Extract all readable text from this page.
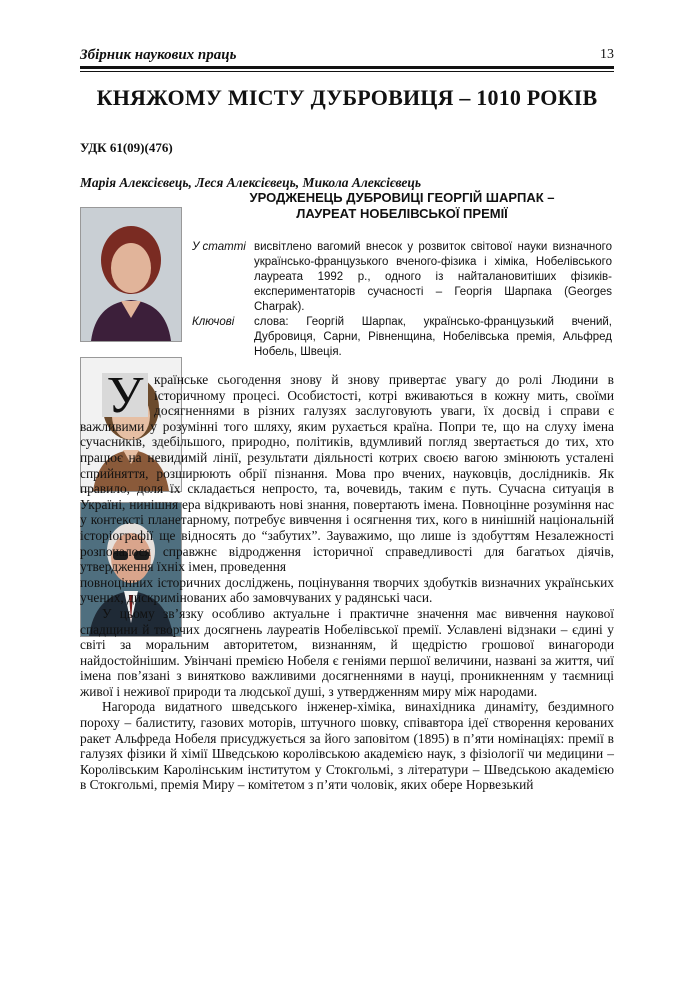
Збірник наукових праць	13
КНЯЖОМУ МІСТУ ДУБРОВИЦЯ – 1010 РОКІВ
УДК 61(09)(476)
Марія Алексієвець, Леся Алексієвець, Микола Алексієвець
УРОДЖЕНЕЦЬ ДУБРОВИЦІ ГЕОРГІЙ ШАРПАК –
ЛАУРЕАТ НОБЕЛІВСЬКОЇ ПРЕМІЇ
У статті висвітлено вагомий внесок у розвиток світової науки визначного українсько-французького вченого-фізика і хіміка, Нобелівського лауреата 1992 р., одного із найталановитіших фізиків-експериментаторів сучасності – Георгія Шарпака (Georges Charpak).
Ключові	слова: Георгій Шарпак, українсько-французький вчений, Дубровиця, Сарни, Рівненщина, Нобелівська премія, Альфред Нобель, Швеція.

У країнське сьогодення знову й знову привертає увагу до ролі Людини в історичному процесі. Особистості, котрі вживаються в кожну мить, своїми досягненнями в різних галузях заслуговують уваги, їх досвід і справи є важливими у розумінні того шляху, яким рухається країна. Попри те, що на слуху імена сучасників, здебільшого, природно, політиків, вдумливий погляд звертається до тих, хто працює на невидимій лінії, результати діяльності котрих своєю вагою змінюють усталені сприйняття, розширюють обрії пізнання. Мова про вчених, науковців, дослідників. Як правило, доля їх складається непросто, та, вочевидь, таким є путь. Сучасна ситуація в Україні, нинішня ера відкривають нові знання, повертають імена. Повноцінне розуміння нас у контексті планетарному, потребує вивчення і осягнення тих, кого в нинішній національній історіографії ще відносять до “забутих”. Зауважимо, що лише із здобуттям Незалежності розпочалося справжнє відродження історичної справедливості для багатьох діячів, утвердження їхніх імен, проведення

повноцінних історичних досліджень, поцінування творчих здобутків визначних українських учених, дискримінованих або замовчуваних у радянські часи.

У цьому зв’язку особливо актуальне і практичне значення має вивчення наукової спадщини й творчих досягнень лауреатів Нобелівської премії. Уславлені відзнаки – єдині у світі за моральним авторитетом, визнанням, й щедрістю грошової винагороди найдостойнішим. Увінчані премією Нобеля є геніями першої величини, названі за життя, чиї імена пов’язані з винятково важливими досягненнями в науці, проникненням у таємниці живої і неживої природи та людської душі, з утвердженням миру між народами.

Нагорода видатного шведського інженер-хіміка, винахідника динаміту, бездимного пороху – балиститу, газових моторів, штучного шовку, співавтора ідеї створення керованих ракет Альфреда Нобеля присуджується за його заповітом (1895) в п’яти номінаціях: премії в галузях фізики й хімії Шведською королівською академією наук, з фізіології чи медицини – Королівським Каролінським інститутом у Стокгольмі, з літератури – Шведською академією в Стокгольмі, премія Миру – комітетом з п’яти чоловік, яких обере Норвезький
